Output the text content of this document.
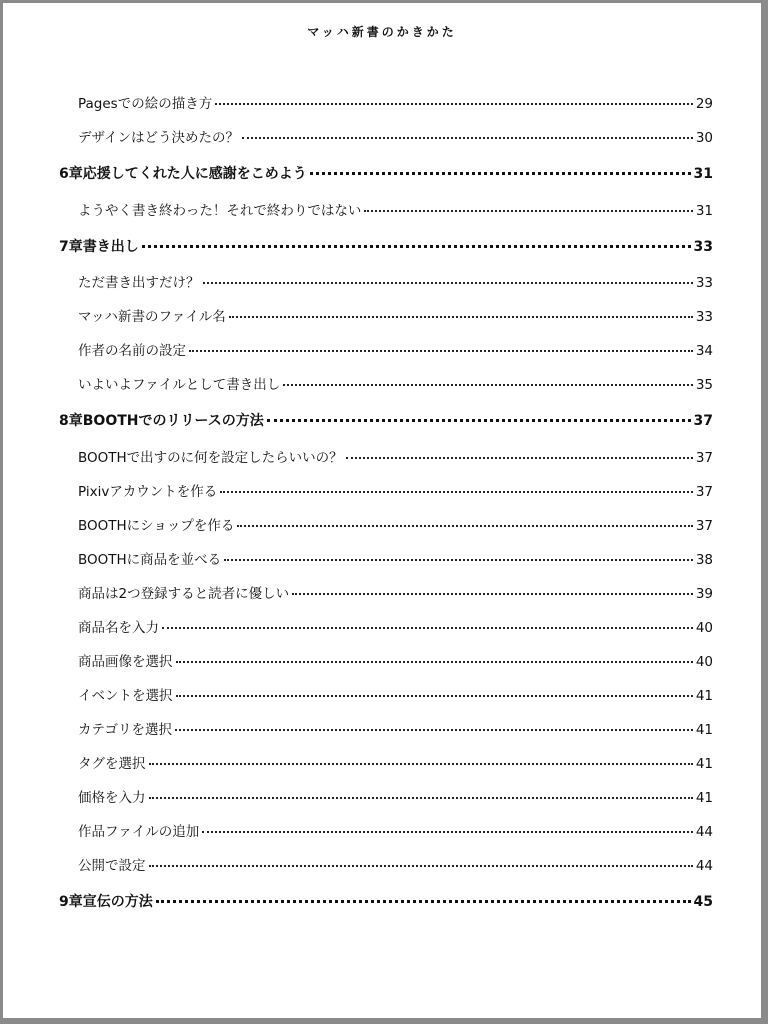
マッハ新書のかきかた
Pagesでの絵の描き方	29
デザインはどう決めたの？	30
6章応援してくれた人に感謝をこめよう	31
ようやく書き終わった！それで終わりではない	31
7章書き出し	33
ただ書き出すだけ？	33
マッハ新書のファイル名	33
作者の名前の設定	34
いよいよファイルとして書き出し	35
8章BOOTHでのリリースの方法	37
BOOTHで出すのに何を設定したらいいの？	37
Pixivアカウントを作る	37
BOOTHにショップを作る	37
BOOTHに商品を並べる	38
商品は2つ登録すると読者に優しい	39
商品名を入力	40
商品画像を選択	40
イベントを選択	41
カテゴリを選択	41
タグを選択	41
価格を入力	41
作品ファイルの追加	44
公開で設定	44
9章宣伝の方法	45
